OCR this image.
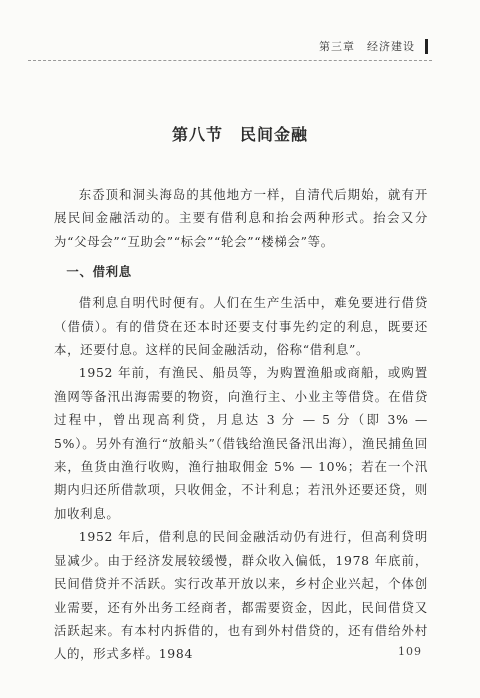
第三章　经济建设
第八节　民间金融

东岙顶和洞头海岛的其他地方一样，自清代后期始，就有开展民间金融活动的。主要有借利息和抬会两种形式。抬会又分为“父母会”“互助会”“标会”“轮会”“楼梯会”等。

一、借利息

借利息自明代时便有。人们在生产生活中，难免要进行借贷（借债）。有的借贷在还本时还要支付事先约定的利息，既要还本，还要付息。这样的民间金融活动，俗称“借利息”。

1952 年前，有渔民、船员等，为购置渔船或商船，或购置渔网等备汛出海需要的物资，向渔行主、小业主等借贷。在借贷过程中，曾出现高利贷，月息达 3 分 — 5 分（即 3% — 5%）。另外有渔行“放船头”（借钱给渔民备汛出海），渔民捕鱼回来，鱼货由渔行收购，渔行抽取佣金 5% — 10%；若在一个汛期内归还所借款项，只收佣金，不计利息；若汛外还要还贷，则加收利息。

1952 年后，借利息的民间金融活动仍有进行，但高利贷明显减少。由于经济发展较缓慢，群众收入偏低，1978 年底前，民间借贷并不活跃。实行改革开放以来，乡村企业兴起，个体创业需要，还有外出务工经商者，都需要资金，因此，民间借贷又活跃起来。有本村内拆借的，也有到外村借贷的，还有借给外村人的，形式多样。1984	109
